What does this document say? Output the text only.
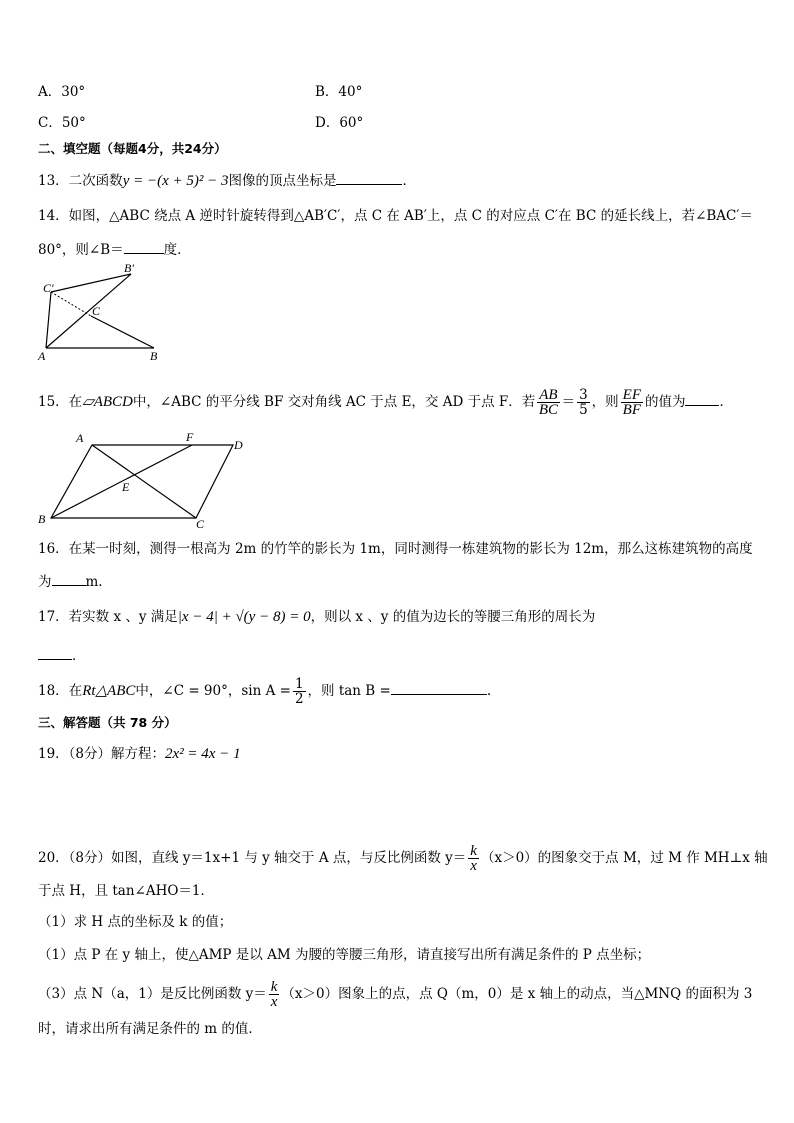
A．30°	B．40°
C．50°	D．60°
二、填空题（每题4分，共24分）
13．二次函数y = −(x + 5)² − 3图像的顶点坐标是	．
14．如图，△ABC 绕点 A 逆时针旋转得到△AB′C′，点 C 在 AB′上，点 C 的对应点 C′在 BC 的延长线上，若∠BAC′＝
80°，则∠B＝	度．
A	B
C
B′
C′
15．在▱ABCD中，∠ABC 的平分线 BF 交对角线 AC 于点 E，交 AD 于点 F．若 $\frac{AB}{BC} = \frac{3}{5}$ ，则 $\frac{EF}{BF}$ 的值为	．
A	F
D
E
B	C
16．在某一时刻，测得一根高为 2m 的竹竿的影长为 1m，同时测得一栋建筑物的影长为 12m，那么这栋建筑物的高度
为	m.
17．若实数 x 、y 满足|x − 4| + √(y − 8) = 0，则以 x 、y 的值为边长的等腰三角形的周长为
．
18．在Rt△ABC中，∠C = 90°，$\sin A = \frac{1}{2}$ ，则 tan B =	.
三、解答题（共 78 分）
19．（8分）解方程：2x² = 4x − 1
20．（8分）如图，直线 y＝1x+1 与 y 轴交于 A 点，与反比例函数 $y= \frac{k}{x} (x>0)$的图象交于点 M，过 M 作 MH⊥x 轴
于点 H，且 tan∠AHO＝1．
（1）求 H 点的坐标及 k 的值；
（1）点 P 在 y 轴上，使△AMP 是以 AM 为腰的等腰三角形，请直接写出所有满足条件的 P 点坐标；
（3）点 N（a，1）是反比例函数 $y= \frac{k}{x} (x>0)$图象上的点，点 Q（m，0）是 x 轴上的动点，当△MNQ 的面积为 3
时，请求出所有满足条件的 m 的值．
